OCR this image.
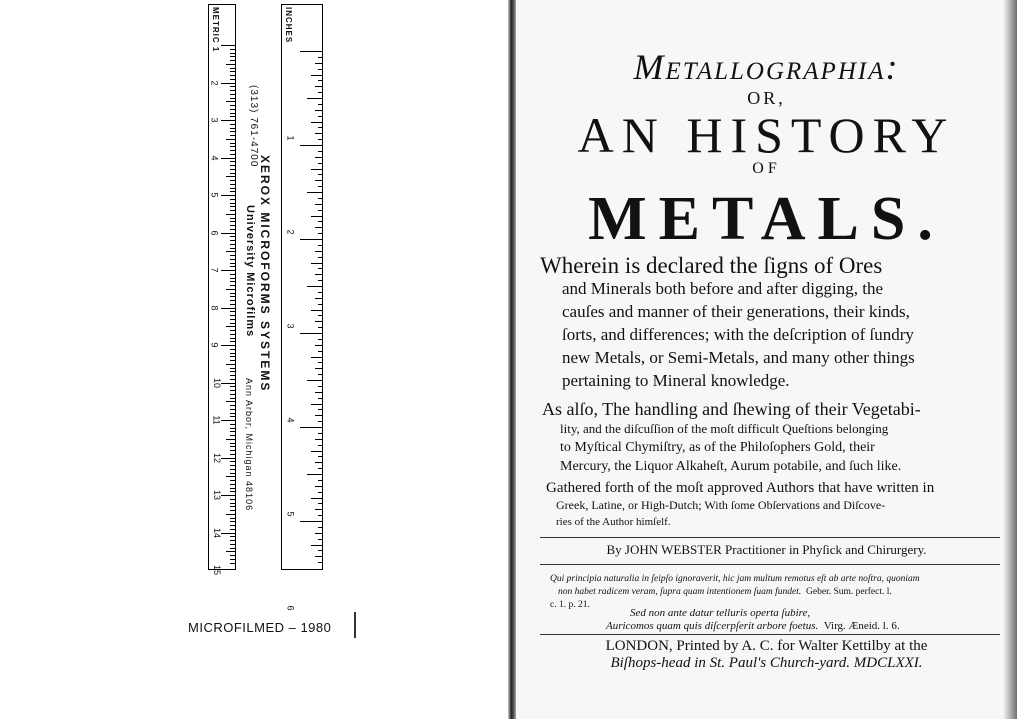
METRIC 1
2
3
4
5
6
7
8
9
10
11
12
13
14
15
INCHES
1
2
3
4
5
6
XEROX MICROFORMS SYSTEMS
(313) 761-4700
University Microfilms
Ann Arbor, Michigan 48106
MICROFILMED – 1980
Metallographia:
OR,
AN HISTORY
OF
METALS.
Wherein is declared the ſigns of Ores
and Minerals both before and after digging, the
cauſes and manner of their generations, their kinds,
ſorts, and differences; with the deſcription of ſundry
new Metals, or Semi-Metals, and many other things
pertaining to Mineral knowledge.
As alſo, The handling and ſhewing of their Vegetabi-
lity, and the diſcuſſion of the moſt difficult Queſtions belonging
to Myſtical Chymiſtry, as of the Philoſophers Gold, their
Mercury, the Liquor Alkaheſt, Aurum potabile, and ſuch like.
Gathered forth of the moſt approved Authors that have written in
Greek, Latine, or High-Dutch; With ſome Obſervations and Diſcove-
ries of the Author himſelf.
By JOHN WEBSTER Practitioner in Phyſick and Chirurgery.
Qui principia naturalia in ſeipſo ignoraverit, hic jam multum remotus eſt ab arte noſtra, quoniam
non habet radicem veram, ſupra quam intentionem ſuam fundet. Geber. Sum. perfect. l.
c. 1. p. 21.
Sed non ante datur telluris operta ſubire,
Auricomos quam quis diſcerpſerit arbore foetus. Virg. Æneid. l. 6.
LONDON, Printed by A. C. for Walter Kettilby at the
Biſhops-head in St. Paul's Church-yard. MDCLXXI.
